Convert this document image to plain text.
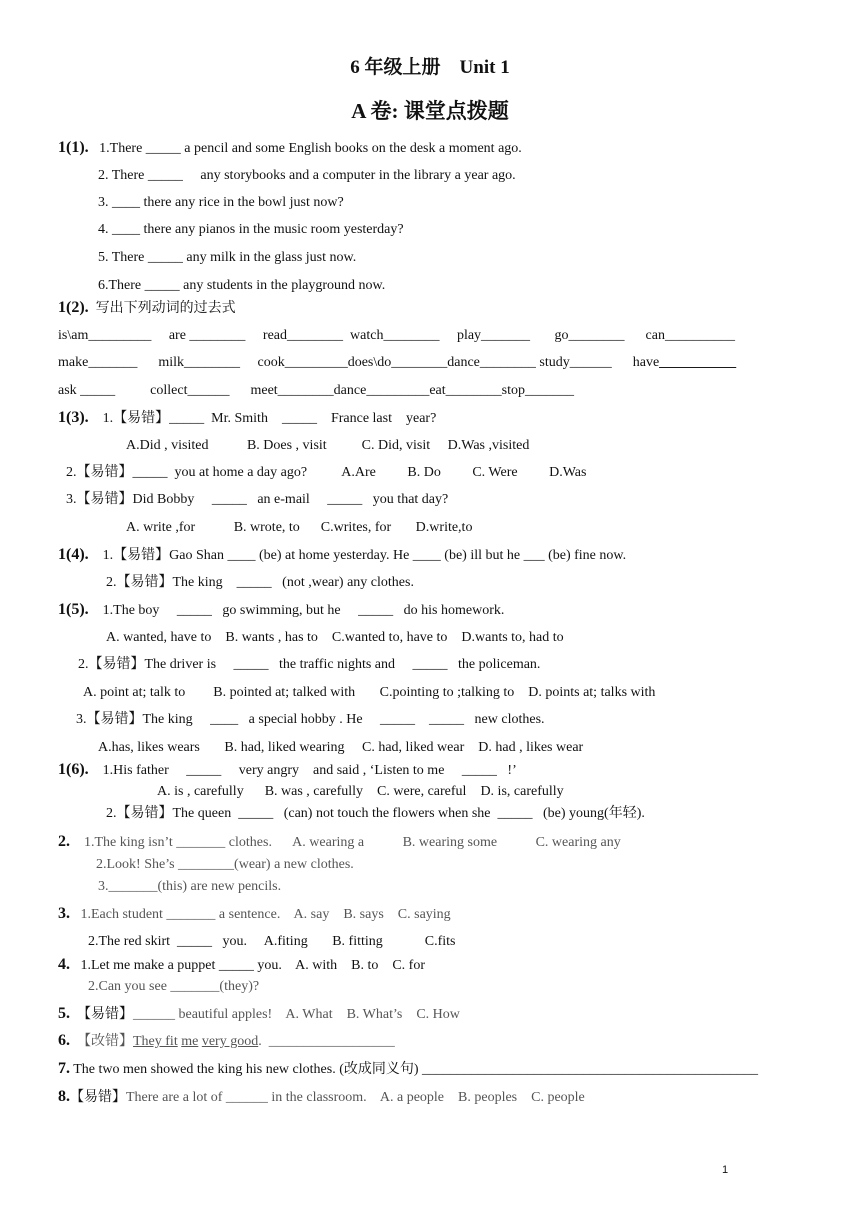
6 年级上册　Unit 1
A 卷: 课堂点拨题
1(1). 1.There _____ a pencil and some English books on the desk a moment ago.
2. There _____     any storybooks and a computer in the library a year ago.
3. ____ there any rice in the bowl just now?
4. ____ there any pianos in the music room yesterday?
5. There _____ any milk in the glass just now.
6.There _____ any students in the playground now.
1(2). 写出下列动词的过去式
is\am_________     are ________     read________  watch________     play_______       go________      can__________
make_______      milk________     cook_________does\do________dance________ study______      have___________
ask _____          collect______      meet________dance_________eat________stop_______
1(3). 1.【易错】_____  Mr. Smith    _____    France last    year?
A.Did , visited           B. Does , visit          C. Did, visit     D.Was ,visited
2.【易错】_____  you at home a day ago?          A.Are         B. Do         C. Were         D.Was
3.【易错】Did Bobby     _____   an e-mail     _____   you that day?
A. write ,for           B. wrote, to      C.writes, for       D.write,to
1(4). 1.【易错】Gao Shan ____ (be) at home yesterday. He ____ (be) ill but he ___ (be) fine now.
2.【易错】The king    _____   (not ,wear) any clothes.
1(5). 1.The boy     _____   go swimming, but he     _____   do his homework.
A. wanted, have to    B. wants , has to    C.wanted to, have to    D.wants to, had to
2.【易错】The driver is     _____   the traffic nights and     _____   the policeman.
A. point at; talk to        B. pointed at; talked with       C.pointing to ;talking to    D. points at; talks with
3.【易错】The king     ____   a special hobby . He     _____    _____   new clothes.
A.has, likes wears       B. had, liked wearing     C. had, liked wear    D. had , likes wear
1(6). 1.His father     _____     very angry    and said , ‘Listen to me     _____   !’
A. is , carefully      B. was , carefully    C. were, careful    D. is, carefully
2.【易错】The queen  _____   (can) not touch the flowers when she  _____   (be) young(年轻).
2. 1.The king isn’t _______ clothes.      A. wearing a           B. wearing some           C. wearing any
2.Look! She’s ________(wear) a new clothes.
3._______(this) are new pencils.
3. 1.Each student _______ a sentence.    A. say    B. says    C. saying
2.The red skirt  _____   you.     A.fiting       B. fitting            C.fits
4. 1.Let me make a puppet _____ you.    A. with    B. to    C. for
2.Can you see _______(they)?
5. 【易错】______ beautiful apples!    A. What    B. What’s    C. How
6. 【改错】They fit me very good.  __________________
7. The two men showed the king his new clothes. (改成同义句) ________________________________________________
8.【易错】There are a lot of ______ in the classroom.    A. a people    B. peoples    C. people
1
